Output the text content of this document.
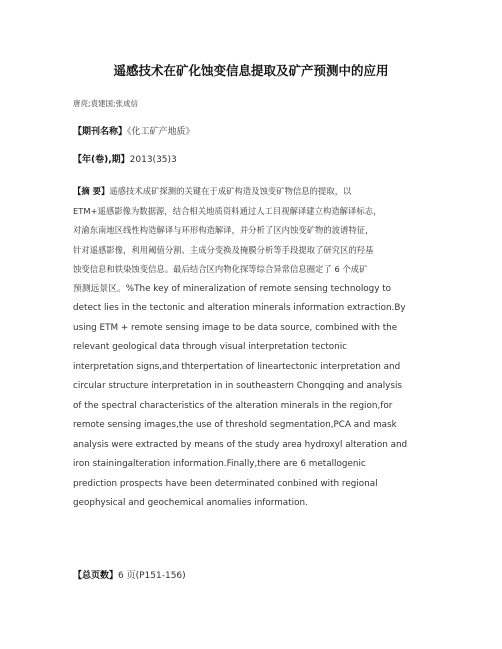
遥感技术在矿化蚀变信息提取及矿产预测中的应用
唐亮;袁建国;张成信
【期刊名称】《化工矿产地质》
【年(卷),期】2013(35)3
【摘 要】遥感技术成矿探测的关键在于成矿构造及蚀变矿物信息的提取，以
ETM+遥感影像为数据源，结合相关地质资料通过人工目视解译建立构造解译标志，
对渝东南地区线性构造解译与环形构造解译，并分析了区内蚀变矿物的波谱特征，
针对遥感影像，利用阈值分割、主成分变换及掩膜分析等手段提取了研究区的羟基
蚀变信息和铁染蚀变信息。最后结合区内物化探等综合异常信息圈定了 6 个成矿
预测远景区。%The key of mineralization of remote sensing technology to
detect lies in the tectonic and alteration minerals information extraction.By
using ETM + remote sensing image to be data source, combined with the
relevant geological data through visual interpretation tectonic
interpretation signs,and thterpertation of lineartectonic interpretation and
circular structure interpretation in in southeastern Chongqing and analysis
of the spectral characteristics of the alteration minerals in the region,for
remote sensing images,the use of threshold segmentation,PCA and mask
analysis were extracted by means of the study area hydroxyl alteration and
iron stainingalteration information.Finally,there are 6 metallogenic
prediction prospects have been determinated conbined with regional
geophysical and geochemical anomalies information.
【总页数】6 页(P151-156)
